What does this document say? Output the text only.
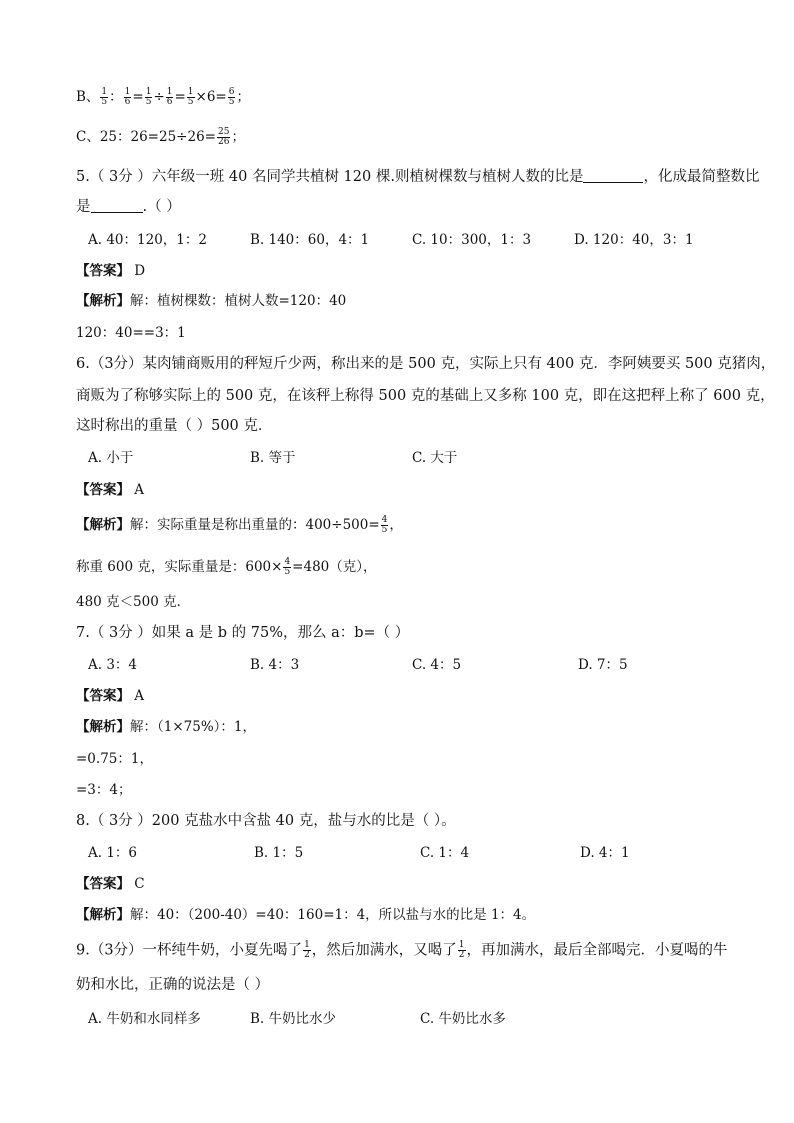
B、 $\frac{1}{5}$ ： $\frac{1}{6} = \frac{1}{5} \div \frac{1}{6} = \frac{1}{5} \times 6= \frac{6}{5}$ ；
C、25：$26=25\div 26= \frac{25}{26}$ ；
5.（ 3分 ）六年级一班 40 名同学共植树 120 棵.则植树棵数与植树人数的比是	，化成最简整数比
是	.（ ）
A. 40：120，1：2	B. 140：60，4：1	C. 10：300，1：3	D. 120：40，3：1
【答案】 D
【解析】解：植树棵数：植树人数=120：40
120：40==3：1
6.（3分）某肉铺商贩用的秤短斤少两，称出来的是 500 克，实际上只有 400 克．李阿姨要买 500 克猪肉，
商贩为了称够实际上的 500 克，在该秤上称得 500 克的基础上又多称 100 克，即在这把秤上称了 600 克，
这时称出的重量（ ）500 克．
A. 小于	B. 等于	C. 大于
【答案】 A
【解析】解：实际重量是称出重量的：$400\div 500= \frac{4}{5}$ ，
称重 600 克，实际重量是：$600\times \frac{4}{5} =480$（克），
480 克＜500 克．
7.（ 3分 ）如果 a 是 b 的 75%，那么 a：b=（ ）
A. 3：4	B. 4：3	C. 4：5	D. 7：5
【答案】 A
【解析】解：（1×75%）：1，
=0.75：1，
=3：4；
8.（ 3分 ）200 克盐水中含盐 40 克，盐与水的比是（ ）。
A. 1：6	B. 1：5	C. 1：4	D. 4：1
【答案】 C
【解析】解：40：（200-40）=40：160=1：4，所以盐与水的比是 1：4。
9.（3分）一杯纯牛奶，小夏先喝了 $\frac{1}{2}$ ，然后加满水，又喝了 $\frac{1}{2}$ ，再加满水，最后全部喝完．小夏喝的牛
奶和水比，正确的说法是（ ）
A. 牛奶和水同样多	B. 牛奶比水少	C. 牛奶比水多
